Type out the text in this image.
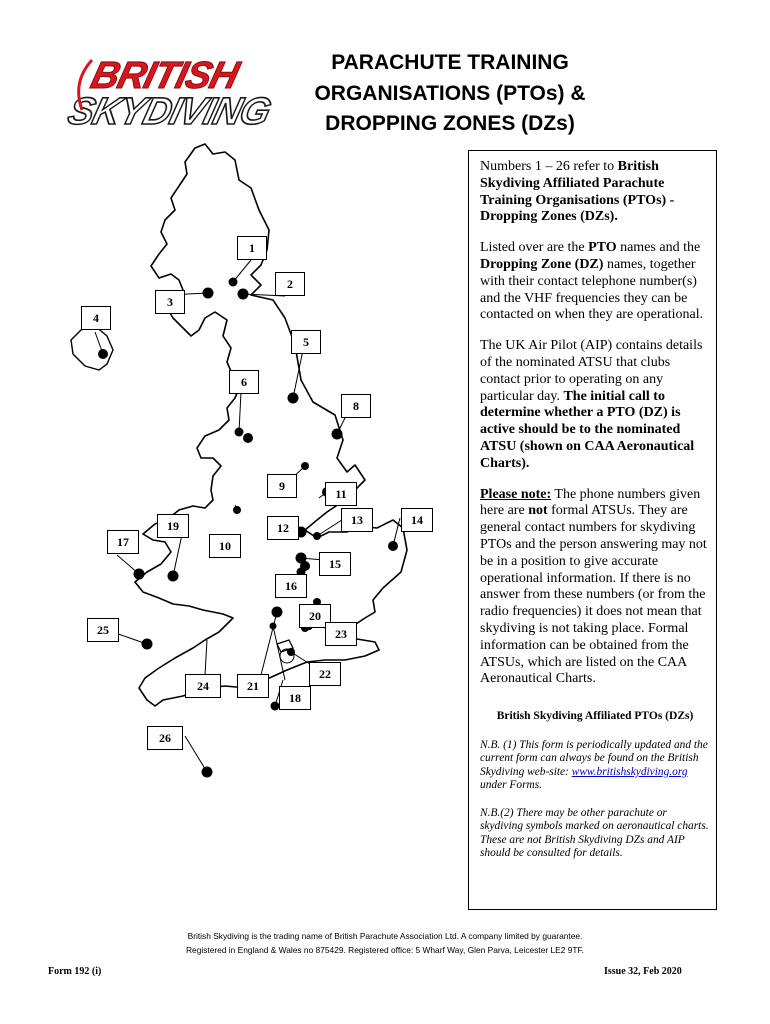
BRITISH
SKYDIVING
PARACHUTE TRAINING
ORGANISATIONS (PTOs) &
DROPPING ZONES (DZs)
1
2
3
4
5
6
8
9
10
11
12
13	14
15
16
17
19
20
21
22
23
24
25
26
18

Numbers 1 – 26 refer to British Skydiving Affiliated Parachute Training Organisations (PTOs) - Dropping Zones (DZs).

Listed over are the PTO names and the Dropping Zone (DZ) names, together with their contact telephone number(s) and the VHF frequencies they can be contacted on when they are operational.

The UK Air Pilot (AIP) contains details of the nominated ATSU that clubs contact prior to operating on any particular day. The initial call to determine whether a PTO (DZ) is active should be to the nominated ATSU (shown on CAA Aeronautical Charts).

Please note: The phone numbers given here are not formal ATSUs. They are general contact numbers for skydiving PTOs and the person answering may not be in a position to give accurate operational information. If there is no answer from these numbers (or from the radio frequencies) it does not mean that skydiving is not taking place. Formal information can be obtained from the ATSUs, which are listed on the CAA Aeronautical Charts.

British Skydiving Affiliated PTOs (DZs)

N.B. (1) This form is periodically updated and the current form can always be found on the British Skydiving web-site: www.britishskydiving.org under Forms.

N.B.(2) There may be other parachute or skydiving symbols marked on aeronautical charts. These are not British Skydiving DZs and AIP should be consulted for details.

British Skydiving is the trading name of British Parachute Association Ltd. A company limited by guarantee.
Registered in England & Wales no 875429. Registered office: 5 Wharf Way, Glen Parva, Leicester LE2 9TF.
Form 192 (i)	Issue 32, Feb 2020
